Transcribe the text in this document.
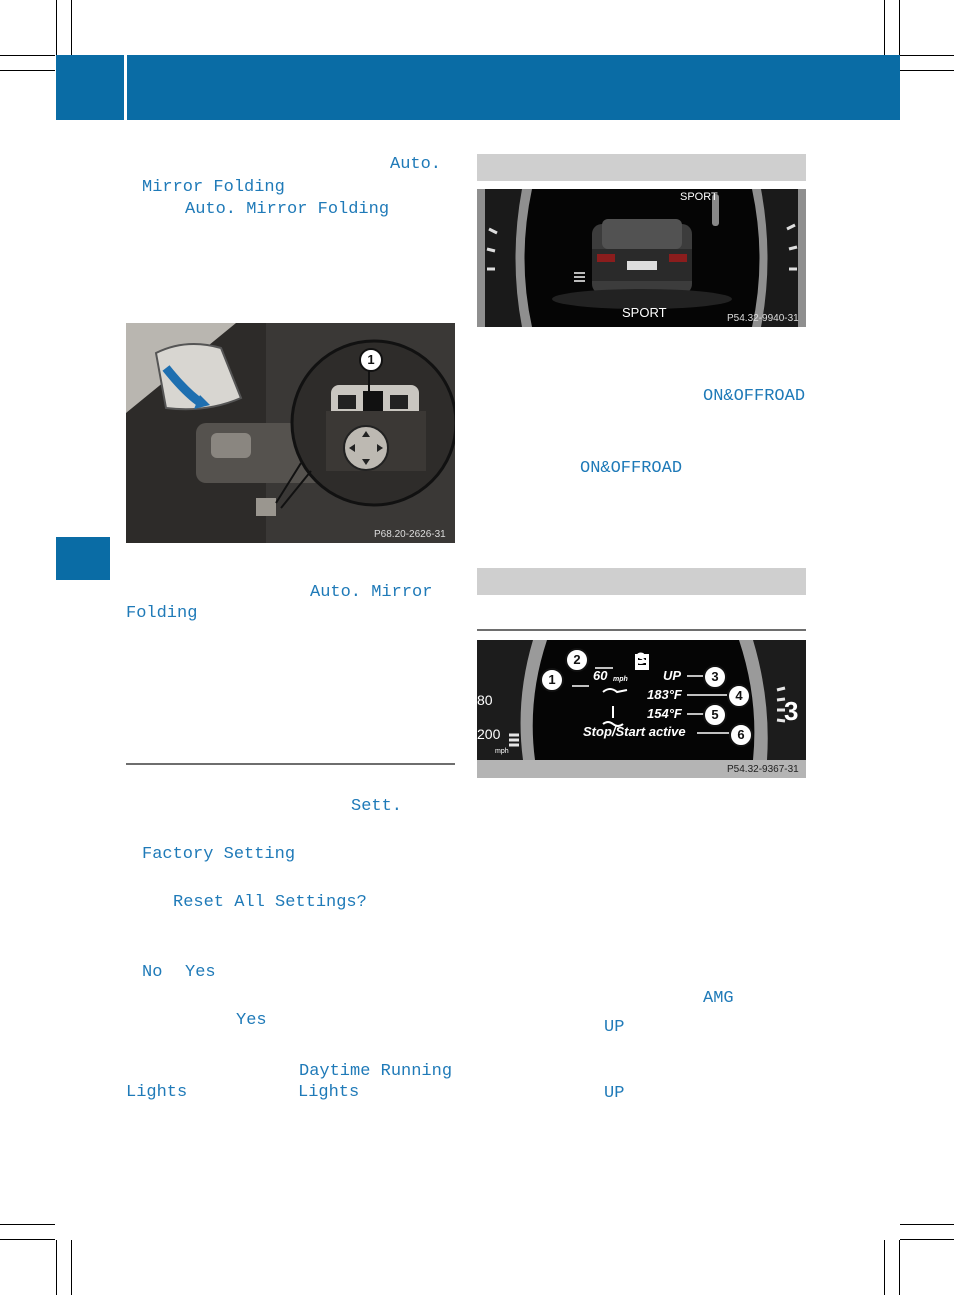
Auto.
Mirror Folding
Auto. Mirror Folding
1
P68.20-2626-31
Auto. Mirror
Folding
Sett.
Factory Setting
Reset All Settings?
No Yes
Yes
Daytime Running
Lights	Lights
SPORT
SPORT	P54.32-9940-31
ON&OFFROAD
ON&OFFROAD
3
3
60 mph	UP
183°F
154°F
Stop/Start active
80
200
mph
1
2
3
4
5
6
P54.32-9367-31
AMG
UP
UP
